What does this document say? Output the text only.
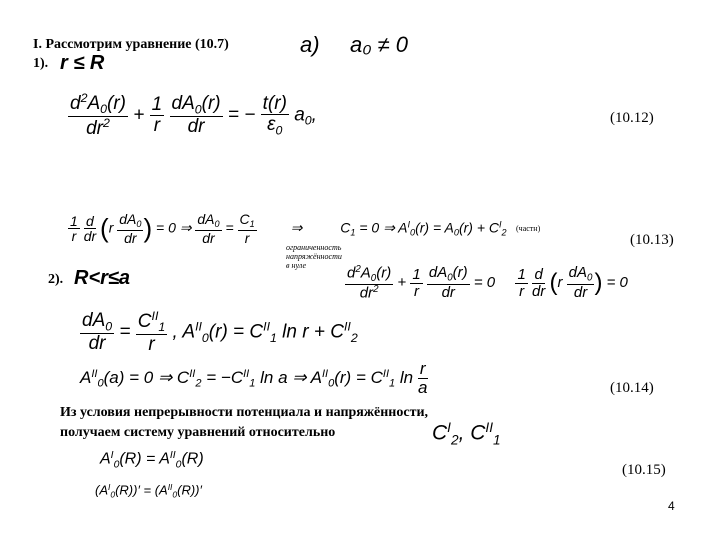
I. Рассмотрим уравнение (10.7)	a) a₀ ≠ 0
1). r ≤ R
$\frac{d^2A_0(r)}{dr^2} + \frac{1}{r}$
$\frac{dA_0(r)}{dr}$ = − $\frac{t(r)}{\varepsilon_0} a_0$,	(10.12)
$\frac{1}{r}$
$\frac{d}{dr} (r \frac{dA_0}{dr}$ ) = 0 ⇒ $\frac{dA_0}{dr} = \frac{C_1}{r}$ ⇒ $C_1 = 0$ ⇒ $A^I_0(r) = A_0(r) + C^I_2$
ограниченность
напряжённости
в нуле
(частн)
(10.13)
2). R<r≤a	$\frac{d^2A_0(r)}{dr^2} + \frac{1}{r}$
$\frac{dA_0(r)}{dr} = 0 \frac{1}{r}$
$\frac{d}{dr} (r \frac{dA_0}{dr}$ ) = 0
$\frac{dA_0}{dr} = \frac{C^{II}_1}{r}$ , $A^{II}_0(r) = C^{II}_1$ $\ln r + C^{II}_2$
$A^{II}_0(a) = 0$ ⇒ $C^{II}_2 = -C^{II}_1$ ln a ⇒ $A^{II}_0(r) = C^{II}_1$ $\ln \frac{r}{a}$	(10.14)
Из условия непрерывности потенциала и напряжённости,
получаем систему уравнений относительно	$C^I_2$, $C^{II}_1$
$A^I_0(R) = A^{II}_0(R)$
$(A^I_0(R))' = (A^{II}_0(R))'$
(10.15)
4
